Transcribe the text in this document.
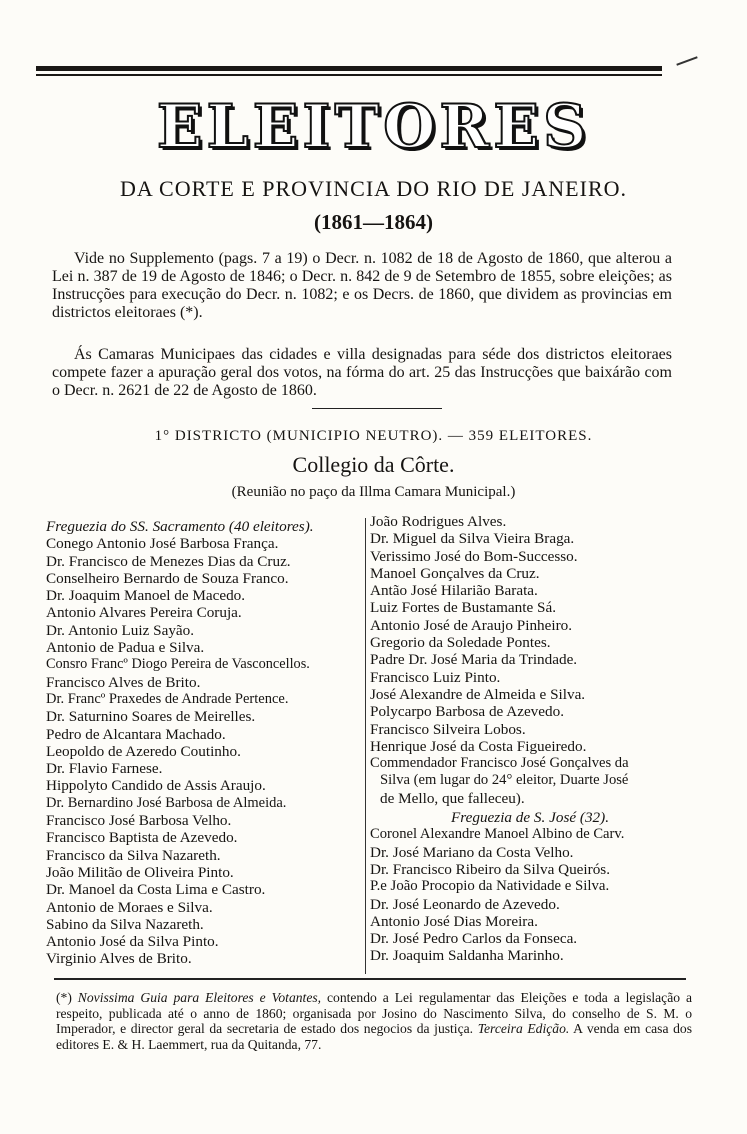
ELEITORES
DA CORTE E PROVINCIA DO RIO DE JANEIRO.
(1861—1864)
Vide no Supplemento (pags. 7 a 19) o Decr. n. 1082 de 18 de Agosto de 1860, que alterou a Lei n. 387 de 19 de Agosto de 1846; o Decr. n. 842 de 9 de Setembro de 1855, sobre eleições; as Instrucções para execução do Decr. n. 1082; e os Decrs. de 1860, que dividem as provincias em districtos eleitoraes (*).
Ás Camaras Municipaes das cidades e villa designadas para séde dos districtos eleitoraes compete fazer a apuração geral dos votos, na fórma do art. 25 das Instrucções que baixárão com o Decr. n. 2621 de 22 de Agosto de 1860.
1° DISTRICTO (MUNICIPIO NEUTRO). — 359 ELEITORES.
Collegio da Côrte.
(Reunião no paço da Illma Camara Municipal.)
Freguezia do SS. Sacramento (40 eleitores).
Conego Antonio José Barbosa França.
Dr. Francisco de Menezes Dias da Cruz.
Conselheiro Bernardo de Souza Franco.
Dr. Joaquim Manoel de Macedo.
Antonio Alvares Pereira Coruja.
Dr. Antonio Luiz Sayão.
Antonio de Padua e Silva.
Consro Francº Diogo Pereira de Vasconcellos.
Francisco Alves de Brito.
Dr. Francº Praxedes de Andrade Pertence.
Dr. Saturnino Soares de Meirelles.
Pedro de Alcantara Machado.
Leopoldo de Azeredo Coutinho.
Dr. Flavio Farnese.
Hippolyto Candido de Assis Araujo.
Dr. Bernardino José Barbosa de Almeida.
Francisco José Barbosa Velho.
Francisco Baptista de Azevedo.
Francisco da Silva Nazareth.
João Militão de Oliveira Pinto.
Dr. Manoel da Costa Lima e Castro.
Antonio de Moraes e Silva.
Sabino da Silva Nazareth.
Antonio José da Silva Pinto.
Virginio Alves de Brito.
João Rodrigues Alves.
Dr. Miguel da Silva Vieira Braga.
Verissimo José do Bom-Successo.
Manoel Gonçalves da Cruz.
Antão José Hilarião Barata.
Luiz Fortes de Bustamante Sá.
Antonio José de Araujo Pinheiro.
Gregorio da Soledade Pontes.
Padre Dr. José Maria da Trindade.
Francisco Luiz Pinto.
José Alexandre de Almeida e Silva.
Polycarpo Barbosa de Azevedo.
Francisco Silveira Lobos.
Henrique José da Costa Figueiredo.
Commendador Francisco José Gonçalves da
Silva (em lugar do 24° eleitor, Duarte José
de Mello, que falleceu).
Freguezia de S. José (32).
Coronel Alexandre Manoel Albino de Carv.
Dr. José Mariano da Costa Velho.
Dr. Francisco Ribeiro da Silva Queirós.
P.e João Procopio da Natividade e Silva.
Dr. José Leonardo de Azevedo.
Antonio José Dias Moreira.
Dr. José Pedro Carlos da Fonseca.
Dr. Joaquim Saldanha Marinho.
(*) Novissima Guia para Eleitores e Votantes, contendo a Lei regulamentar das Eleições e toda a legislação a respeito, publicada até o anno de 1860; organisada por Josino do Nascimento Silva, do conselho de S. M. o Imperador, e director geral da secretaria de estado dos negocios da justiça. Terceira Edição. A venda em casa dos editores E. & H. Laemmert, rua da Quitanda, 77.
